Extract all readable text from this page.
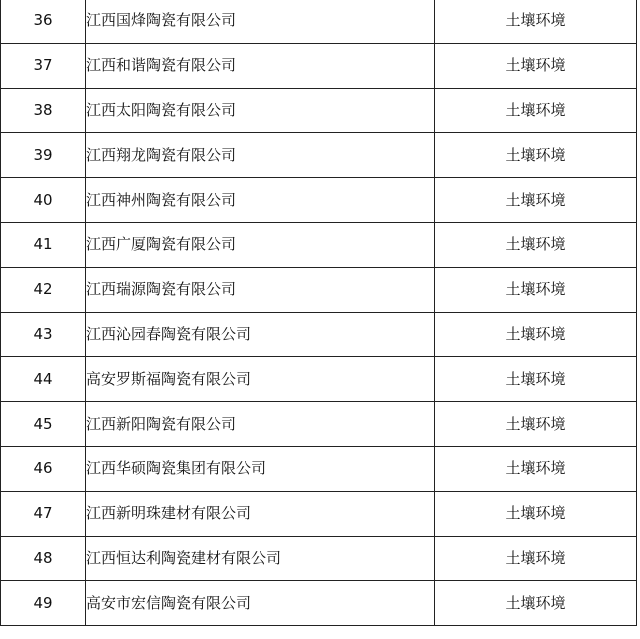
36	江西国烽陶瓷有限公司	土壤环境
37	江西和谐陶瓷有限公司	土壤环境
38	江西太阳陶瓷有限公司	土壤环境
39	江西翔龙陶瓷有限公司	土壤环境
40	江西神州陶瓷有限公司	土壤环境
41	江西广厦陶瓷有限公司	土壤环境
42	江西瑞源陶瓷有限公司	土壤环境
43	江西沁园春陶瓷有限公司	土壤环境
44	高安罗斯福陶瓷有限公司	土壤环境
45	江西新阳陶瓷有限公司	土壤环境
46	江西华硕陶瓷集团有限公司	土壤环境
47	江西新明珠建材有限公司	土壤环境
48	江西恒达利陶瓷建材有限公司	土壤环境
49	高安市宏信陶瓷有限公司	土壤环境
